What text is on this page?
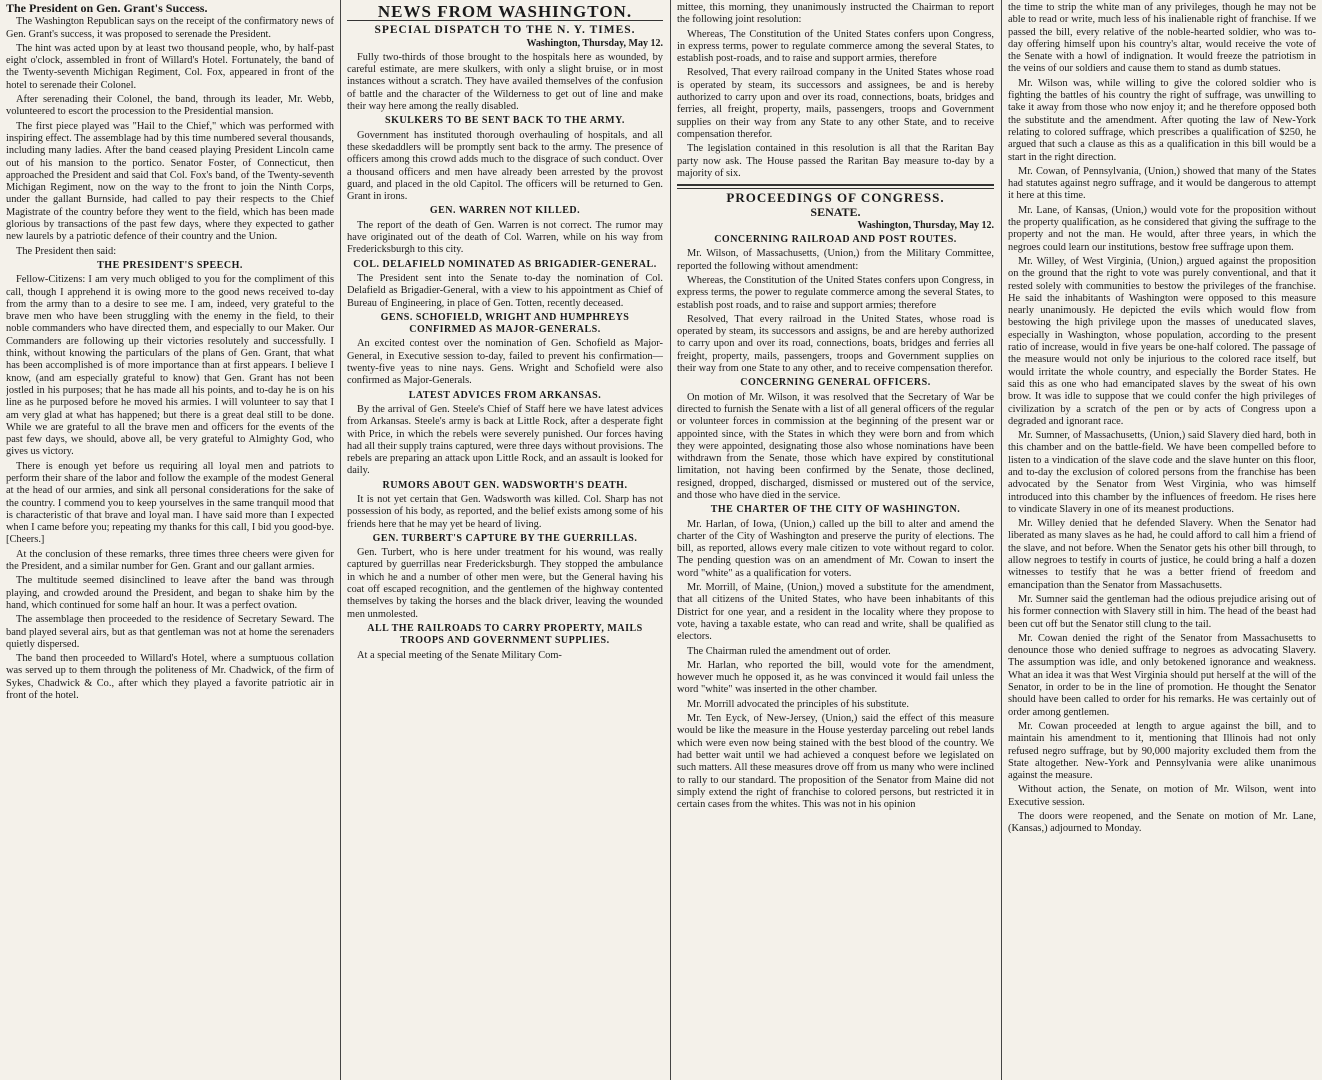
The President on Gen. Grant's Success.

The Washington Republican says on the receipt of the confirmatory news of Gen. Grant's success, it was proposed to serenade the President.

The hint was acted upon by at least two thousand people, who, by half-past eight o'clock, assembled in front of Willard's Hotel. Fortunately, the band of the Twenty-seventh Michigan Regiment, Col. Fox, appeared in front of the hotel to serenade their Colonel.

After serenading their Colonel, the band, through its leader, Mr. Webb, volunteered to escort the procession to the Presidential mansion.

The first piece played was "Hail to the Chief," which was performed with inspiring effect. The assemblage had by this time numbered several thousands, including many ladies. After the band ceased playing President Lincoln came out of his mansion to the portico. Senator Foster, of Connecticut, then approached the President and said that Col. Fox's band, of the Twenty-seventh Michigan Regiment, now on the way to the front to join the Ninth Corps, under the gallant Burnside, had called to pay their respects to the Chief Magistrate of the country before they went to the field, which has been made glorious by transactions of the past few days, where they expected to gather new laurels by a patriotic defence of their country and the Union.

The President then said:

THE PRESIDENT'S SPEECH.

Fellow-Citizens: I am very much obliged to you for the compliment of this call, though I apprehend it is owing more to the good news received to-day from the army than to a desire to see me. I am, indeed, very grateful to the brave men who have been struggling with the enemy in the field, to their noble commanders who have directed them, and especially to our Maker. Our Commanders are following up their victories resolutely and successfully. I think, without knowing the particulars of the plans of Gen. Grant, that what has been accomplished is of more importance than at first appears. I believe I know, (and am especially grateful to know) that Gen. Grant has not been jostled in his purposes; that he has made all his points, and to-day he is on his line as he purposed before he moved his armies. I will volunteer to say that I am very glad at what has happened; but there is a great deal still to be done. While we are grateful to all the brave men and officers for the events of the past few days, we should, above all, be very grateful to Almighty God, who gives us victory.

There is enough yet before us requiring all loyal men and patriots to perform their share of the labor and follow the example of the modest General at the head of our armies, and sink all personal considerations for the sake of the country. I commend you to keep yourselves in the same tranquil mood that is characteristic of that brave and loyal man. I have said more than I expected when I came before you; repeating my thanks for this call, I bid you good-bye. [Cheers.]

At the conclusion of these remarks, three times three cheers were given for the President, and a similar number for Gen. Grant and our gallant armies.

The multitude seemed disinclined to leave after the band was through playing, and crowded around the President, and began to shake him by the hand, which continued for some half an hour. It was a perfect ovation.

The assemblage then proceeded to the residence of Secretary Seward. The band played several airs, but as that gentleman was not at home the serenaders quietly dispersed.

The band then proceeded to Willard's Hotel, where a sumptuous collation was served up to them through the politeness of Mr. Chadwick, of the firm of Sykes, Chadwick & Co., after which they played a favorite patriotic air in front of the hotel.

NEWS FROM WASHINGTON.
SPECIAL DISPATCH TO THE N. Y. TIMES.
Washington, Thursday, May 12.

Fully two-thirds of those brought to the hospitals here as wounded, by careful estimate, are mere skulkers, with only a slight bruise, or in most instances without a scratch. They have availed themselves of the confusion of battle and the character of the Wilderness to get out of line and make their way here among the really disabled.

SKULKERS TO BE SENT BACK TO THE ARMY.

Government has instituted thorough overhauling of hospitals, and all these skedaddlers will be promptly sent back to the army. The presence of officers among this crowd adds much to the disgrace of such conduct. Over a thousand officers and men have already been arrested by the provost guard, and placed in the old Capitol. The officers will be returned to Gen. Grant in irons.

GEN. WARREN NOT KILLED.

The report of the death of Gen. Warren is not correct. The rumor may have originated out of the death of Col. Warren, while on his way from Fredericksburgh to this city.

COL. DELAFIELD NOMINATED AS BRIGADIER-GENERAL.

The President sent into the Senate to-day the nomination of Col. Delafield as Brigadier-General, with a view to his appointment as Chief of Bureau of Engineering, in place of Gen. Totten, recently deceased.

GENS. SCHOFIELD, WRIGHT AND HUMPHREYS CONFIRMED AS MAJOR-GENERALS.

An excited contest over the nomination of Gen. Schofield as Major-General, in Executive session to-day, failed to prevent his confirmation—twenty-five yeas to nine nays. Gens. Wright and Schofield were also confirmed as Major-Generals.

LATEST ADVICES FROM ARKANSAS.

By the arrival of Gen. Steele's Chief of Staff here we have latest advices from Arkansas. Steele's army is back at Little Rock, after a desperate fight with Price, in which the rebels were severely punished. Our forces having had all their supply trains captured, were three days without provisions. The rebels are preparing an attack upon Little Rock, and an assault is looked for daily.

RUMORS ABOUT GEN. WADSWORTH'S DEATH.

It is not yet certain that Gen. Wadsworth was killed. Col. Sharp has not possession of his body, as reported, and the belief exists among some of his friends here that he may yet be heard of living.

GEN. TURBERT'S CAPTURE BY THE GUERRILLAS.

Gen. Turbert, who is here under treatment for his wound, was really captured by guerrillas near Fredericksburgh. They stopped the ambulance in which he and a number of other men were, but the General having his coat off escaped recognition, and the gentlemen of the highway contented themselves by taking the horses and the black driver, leaving the wounded men unmolested.

ALL THE RAILROADS TO CARRY PROPERTY, MAILS TROOPS AND GOVERNMENT SUPPLIES.

At a special meeting of the Senate Military Com-

mittee, this morning, they unanimously instructed the Chairman to report the following joint resolution:

Whereas, The Constitution of the United States confers upon Congress, in express terms, power to regulate commerce among the several States, to establish post-roads, and to raise and support armies, therefore

Resolved, That every railroad company in the United States whose road is operated by steam, its successors and assignees, be and is hereby authorized to carry upon and over its road, connections, boats, bridges and ferries, all freight, property, mails, passengers, troops and Government supplies on their way from any State to any other State, and to receive compensation therefor.

The legislation contained in this resolution is all that the Raritan Bay party now ask. The House passed the Raritan Bay measure to-day by a majority of six.

PROCEEDINGS OF CONGRESS.
SENATE.
Washington, Thursday, May 12.

CONCERNING RAILROAD AND POST ROUTES.

Mr. Wilson, of Massachusetts, (Union,) from the Military Committee, reported the following without amendment:

Whereas, the Constitution of the United States confers upon Congress, in express terms, the power to regulate commerce among the several States, to establish post roads, and to raise and support armies; therefore

Resolved, That every railroad in the United States, whose road is operated by steam, its successors and assigns, be and are hereby authorized to carry upon and over its road, connections, boats, bridges and ferries all freight, property, mails, passengers, troops and Government supplies on their way from one State to any other, and to receive compensation therefor.

CONCERNING GENERAL OFFICERS.

On motion of Mr. Wilson, it was resolved that the Secretary of War be directed to furnish the Senate with a list of all general officers of the regular or volunteer forces in commission at the beginning of the present war or appointed since, with the States in which they were born and from which they were appointed, designating those also whose nominations have been withdrawn from the Senate, those which have expired by constitutional limitation, not having been confirmed by the Senate, those declined, resigned, dropped, discharged, dismissed or mustered out of the service, and those who have died in the service.

THE CHARTER OF THE CITY OF WASHINGTON.

Mr. Harlan, of Iowa, (Union,) called up the bill to alter and amend the charter of the City of Washington and preserve the purity of elections. The bill, as reported, allows every male citizen to vote without regard to color. The pending question was on an amendment of Mr. Cowan to insert the word "white" as a qualification for voters.

Mr. Morrill, of Maine, (Union,) moved a substitute for the amendment, that all citizens of the United States, who have been inhabitants of this District for one year, and a resident in the locality where they propose to vote, having a taxable estate, who can read and write, shall be qualified as electors.

The Chairman ruled the amendment out of order.

Mr. Harlan, who reported the bill, would vote for the amendment, however much he opposed it, as he was convinced it would fail unless the word "white" was inserted in the other chamber.

Mr. Morrill advocated the principles of his substitute.

Mr. Ten Eyck, of New-Jersey, (Union,) said the effect of this measure would be like the measure in the House yesterday parceling out rebel lands which were even now being stained with the best blood of the country. We had better wait until we had achieved a conquest before we legislated on such matters. All these measures drove off from us many who were inclined to rally to our standard. The proposition of the Senator from Maine did not simply extend the right of franchise to colored persons, but restricted it in certain cases from the whites. This was not in his opinion

the time to strip the white man of any privileges, though he may not be able to read or write, much less of his inalienable right of franchise. If we passed the bill, every relative of the noble-hearted soldier, who was to-day offering himself upon his country's altar, would receive the vote of the Senate with a howl of indignation. It would freeze the patriotism in the veins of our soldiers and cause them to stand as dumb statues.

Mr. Wilson was, while willing to give the colored soldier who is fighting the battles of his country the right of suffrage, was unwilling to take it away from those who now enjoy it; and he therefore opposed both the substitute and the amendment. After quoting the law of New-York relating to colored suffrage, which prescribes a qualification of $250, he argued that such a clause as this as a qualification in this bill would be a start in the right direction.

Mr. Cowan, of Pennsylvania, (Union,) showed that many of the States had statutes against negro suffrage, and it would be dangerous to attempt it here at this time.

Mr. Lane, of Kansas, (Union,) would vote for the proposition without the property qualification, as he considered that giving the suffrage to the property and not the man. He would, after three years, in which the negroes could learn our institutions, bestow free suffrage upon them.

Mr. Willey, of West Virginia, (Union,) argued against the proposition on the ground that the right to vote was purely conventional, and that it rested solely with communities to bestow the privileges of the franchise. He said the inhabitants of Washington were opposed to this measure nearly unanimously. He depicted the evils which would flow from bestowing the high privilege upon the masses of uneducated slaves, especially in Washington, whose population, according to the present ratio of increase, would in five years be one-half colored. The passage of the measure would not only be injurious to the colored race itself, but would irritate the whole country, and especially the Border States. He said this as one who had emancipated slaves by the sweat of his own brow. It was idle to suppose that we could confer the high privileges of civilization by a scratch of the pen or by acts of Congress upon a degraded and ignorant race.

Mr. Sumner, of Massachusetts, (Union,) said Slavery died hard, both in this chamber and on the battle-field. We have been compelled before to listen to a vindication of the slave code and the slave hunter on this floor, and to-day the exclusion of colored persons from the franchise has been advocated by the Senator from West Virginia, who was himself introduced into this chamber by the influences of freedom. He rises here to vindicate Slavery in one of its meanest productions.

Mr. Willey denied that he defended Slavery. When the Senator had liberated as many slaves as he had, he could afford to call him a friend of the slave, and not before. When the Senator gets his other bill through, to allow negroes to testify in courts of justice, he could bring a half a dozen witnesses to testify that he was a better friend of freedom and emancipation than the Senator from Massachusetts.

Mr. Sumner said the gentleman had the odious prejudice arising out of his former connection with Slavery still in him. The head of the beast had been cut off but the Senator still clung to the tail.

Mr. Cowan denied the right of the Senator from Massachusetts to denounce those who denied suffrage to negroes as advocating Slavery. The assumption was idle, and only betokened ignorance and weakness. What an idea it was that West Virginia should put herself at the will of the Senator, in order to be in the line of promotion. He thought the Senator should have been called to order for his remarks. He was certainly out of order among gentlemen.

Mr. Cowan proceeded at length to argue against the bill, and to maintain his amendment to it, mentioning that Illinois had not only refused negro suffrage, but by 90,000 majority excluded them from the State altogether. New-York and Pennsylvania were alike unanimous against the measure.

Without action, the Senate, on motion of Mr. Wilson, went into Executive session.

The doors were reopened, and the Senate on motion of Mr. Lane, (Kansas,) adjourned to Monday.
